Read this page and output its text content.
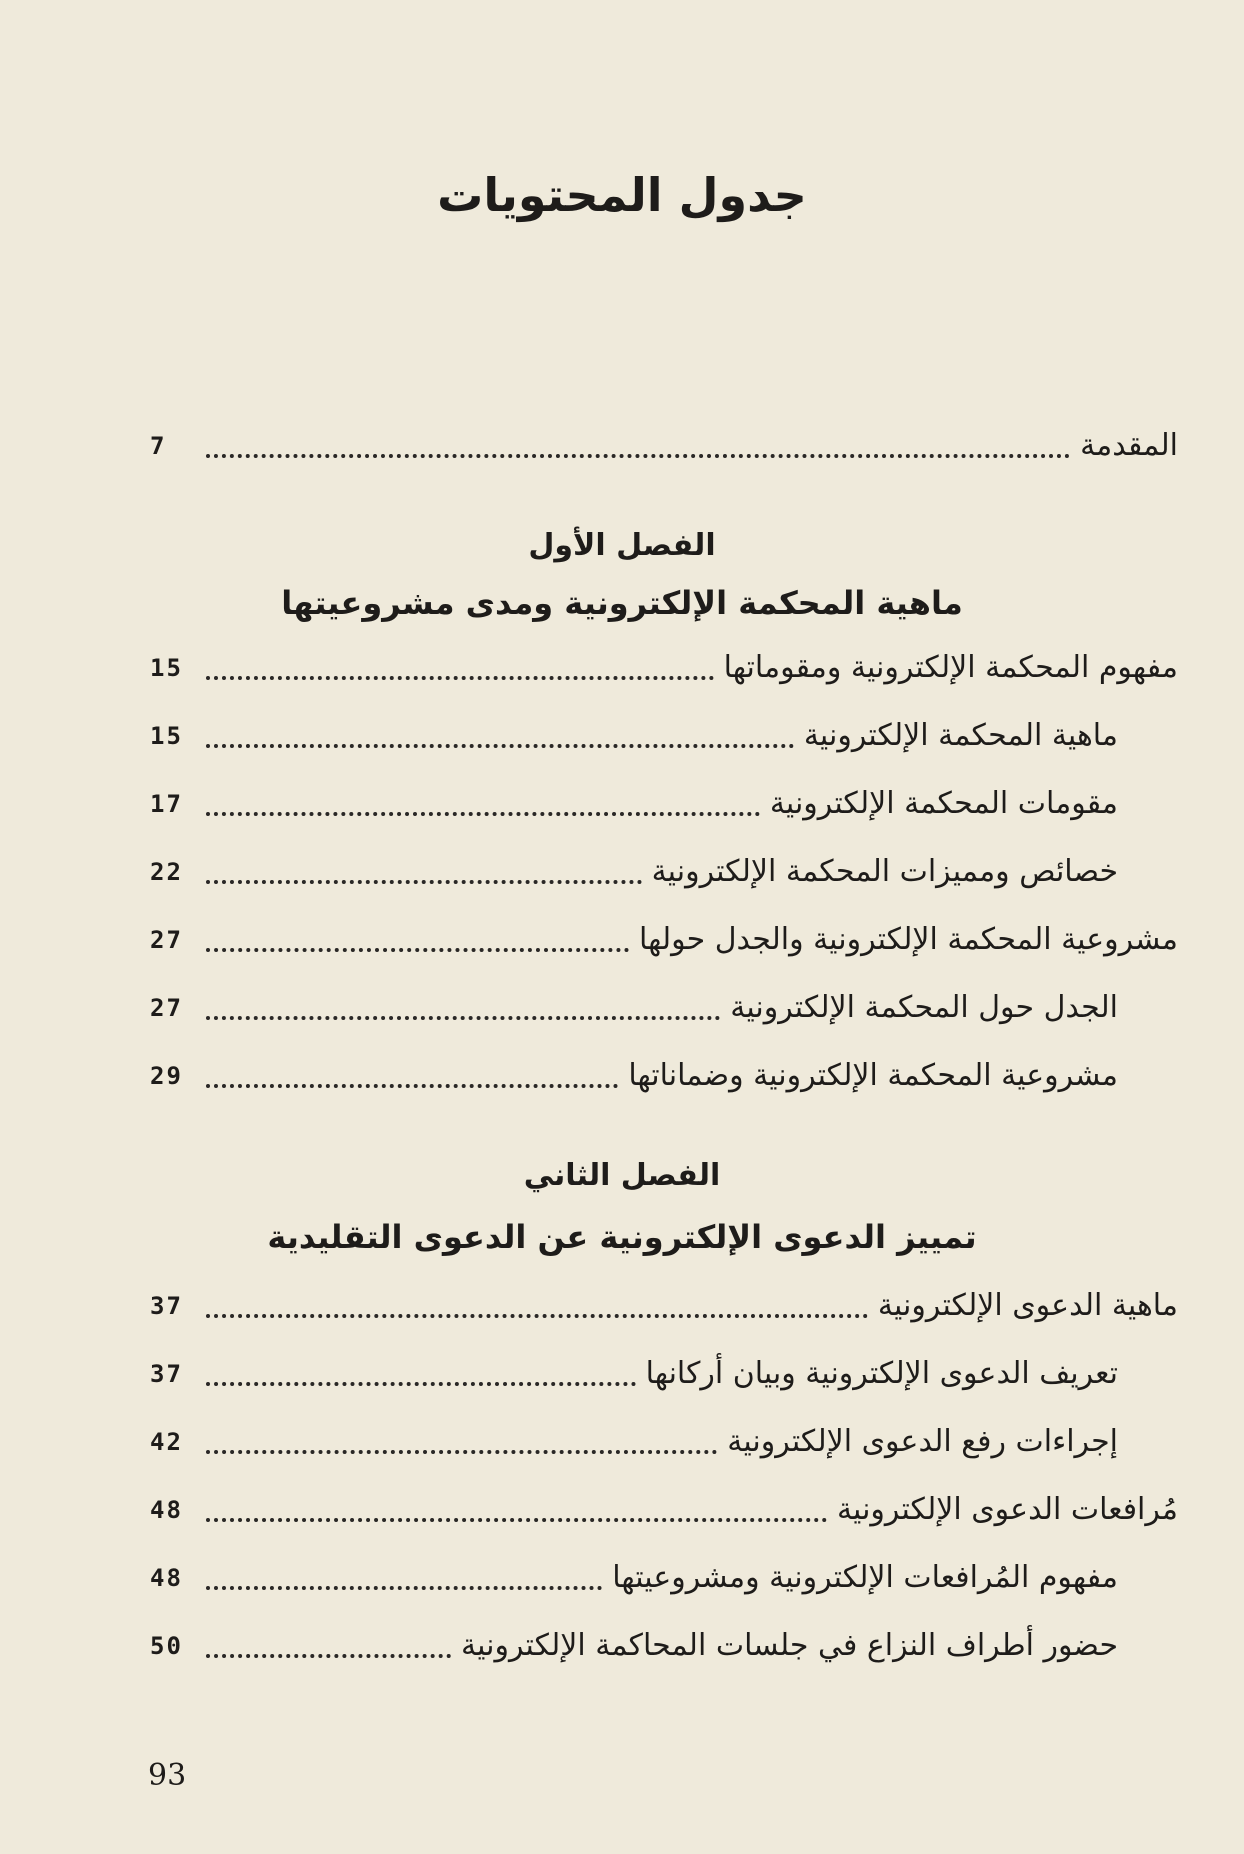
جدول المحتويات
المقدمة
7
الفصل الأول
ماهية المحكمة الإلكترونية ومدى مشروعيتها
مفهوم المحكمة الإلكترونية ومقوماتها
15
ماهية المحكمة الإلكترونية
15
مقومات المحكمة الإلكترونية
17
خصائص ومميزات المحكمة الإلكترونية
22
مشروعية المحكمة الإلكترونية والجدل حولها
27
الجدل حول المحكمة الإلكترونية
27
مشروعية المحكمة الإلكترونية وضماناتها
29
الفصل الثاني
تمييز الدعوى الإلكترونية عن الدعوى التقليدية
ماهية الدعوى الإلكترونية
37
تعريف الدعوى الإلكترونية وبيان أركانها
37
إجراءات رفع الدعوى الإلكترونية
42
مُرافعات الدعوى الإلكترونية
48
مفهوم المُرافعات الإلكترونية ومشروعيتها
48
حضور أطراف النزاع في جلسات المحاكمة الإلكترونية
50
93
